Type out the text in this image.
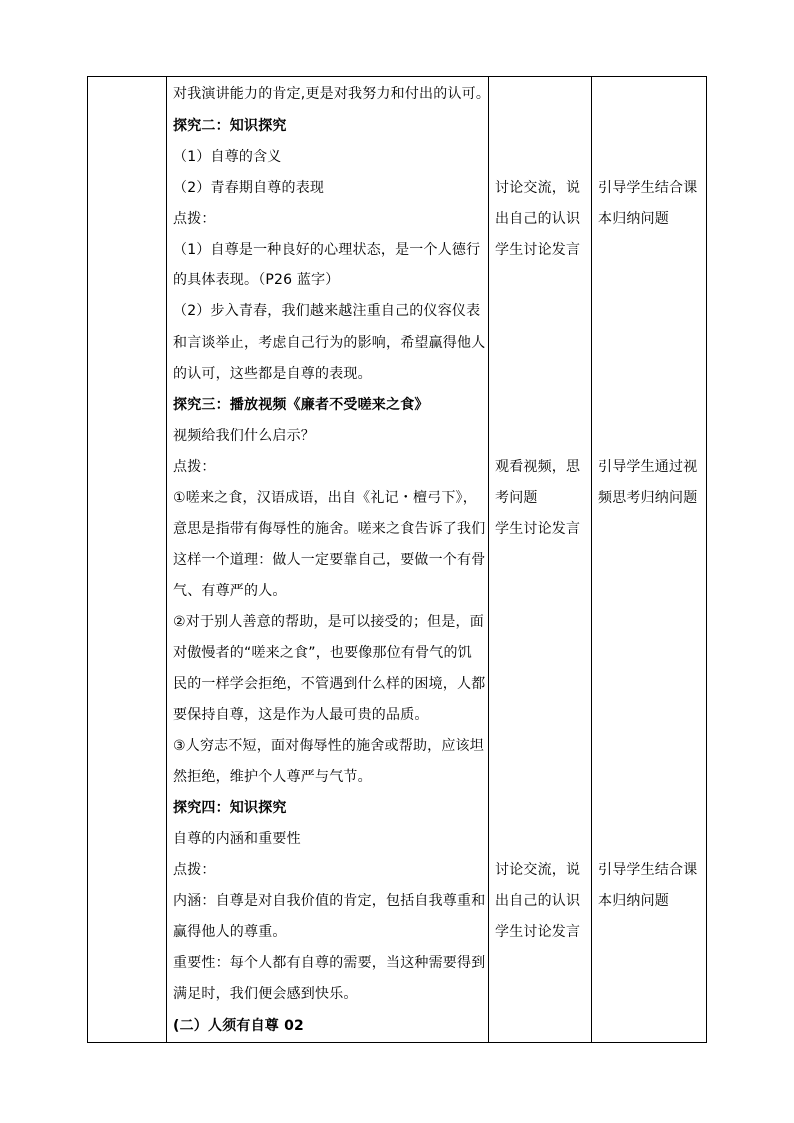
对我演讲能力的肯定,更是对我努力和付出的认可。
探究二：知识探究
（1）自尊的含义
（2）青春期自尊的表现
点拨：
（1）自尊是一种良好的心理状态，是一个人德行
的具体表现。（P26 蓝字）
（2）步入青春，我们越来越注重自己的仪容仪表
和言谈举止，考虑自己行为的影响，希望赢得他人
的认可，这些都是自尊的表现。
探究三：播放视频《廉者不受嗟来之食》
视频给我们什么启示？
点拨：
①嗟来之食，汉语成语，出自《礼记・檀弓下》，
意思是指带有侮辱性的施舍。嗟来之食告诉了我们
这样一个道理：做人一定要靠自己，要做一个有骨
气、有尊严的人。
②对于别人善意的帮助，是可以接受的；但是，面
对傲慢者的“嗟来之食”，也要像那位有骨气的饥
民的一样学会拒绝，不管遇到什么样的困境，人都
要保持自尊，这是作为人最可贵的品质。
③人穷志不短，面对侮辱性的施舍或帮助，应该坦
然拒绝，维护个人尊严与气节。
探究四：知识探究
自尊的内涵和重要性
点拨：
内涵：自尊是对自我价值的肯定，包括自我尊重和
赢得他人的尊重。
重要性：每个人都有自尊的需要，当这种需要得到
满足时，我们便会感到快乐。
(二）人须有自尊 02
讨论交流，说
出自己的认识
学生讨论发言
观看视频，思
考问题
学生讨论发言
讨论交流，说
出自己的认识
学生讨论发言
引导学生结合课
本归纳问题
引导学生通过视
频思考归纳问题
引导学生结合课
本归纳问题
